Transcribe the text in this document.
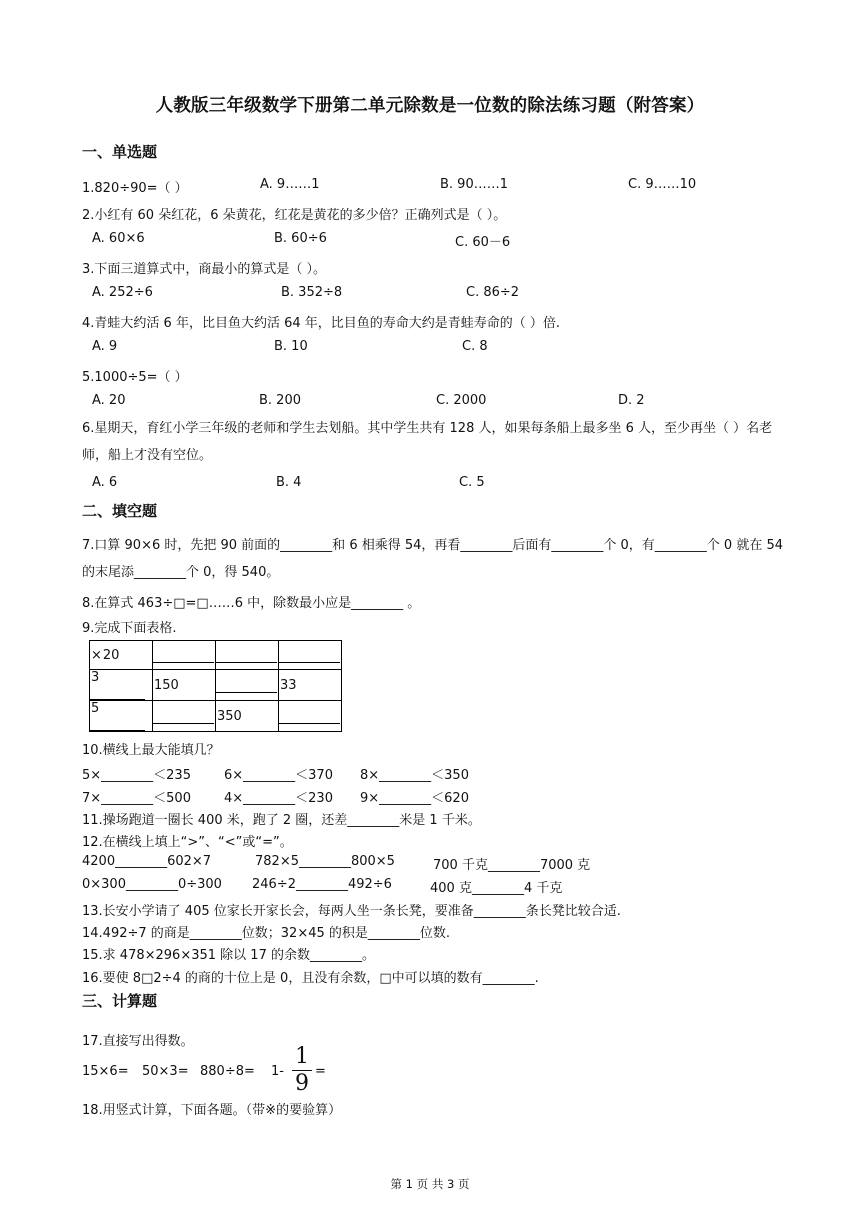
人教版三年级数学下册第二单元除数是一位数的除法练习题（附答案）
一、单选题
1.820÷90=（ ）	A. 9……1	B. 90……1	C. 9……10
2.小红有 60 朵红花，6 朵黄花，红花是黄花的多少倍？正确列式是（ ）。
A. 60×6	B. 60÷6	C. 60－6
3.下面三道算式中，商最小的算式是（ ）。
A. 252÷6	B. 352÷8	C. 86÷2
4.青蛙大约活 6 年，比目鱼大约活 64 年，比目鱼的寿命大约是青蛙寿命的（ ）倍.
A. 9	B. 10	C. 8
5.1000÷5=（ ）
A. 20	B. 200	C. 2000	D. 2
6.星期天，育红小学三年级的老师和学生去划船。其中学生共有 128 人，如果每条船上最多坐 6 人，至少再坐（ ）名老师，船上才没有空位。
A. 6	B. 4	C. 5
二、填空题
7.口算 90×6 时，先把 90 前面的________和 6 相乘得 54，再看________后面有________个 0，有________个 0 就在 54 的末尾添________个 0，得 540。
8.在算式 463÷□=□……6 中，除数最小应是________ 。
9.完成下面表格.
×20			
3	150		33
5		350	
10.横线上最大能填几？
5×________＜235	6×________＜370 8×________＜350
7×________＜500	4×________＜230 9×________＜620
11.操场跑道一圈长 400 米，跑了 2 圈，还差________米是 1 千米。
12.在横线上填上“>”、“<”或“=”。
4200________602×7	782×5________800×5	700 千克________7000 克
0×300________0÷300 246÷2________492÷6	400 克________4 千克
13.长安小学请了 405 位家长开家长会，每两人坐一条长凳，要准备________条长凳比较合适.
14.492÷7 的商是________位数；32×45 的积是________位数.
15.求 478×296×351 除以 17 的余数________。
16.要使 8□2÷4 的商的十位上是 0，且没有余数，□中可以填的数有________.
三、计算题
17.直接写出得数。
15×6= 50×3= 880÷8= 1-
1
9 =
18.用竖式计算，下面各题。（带※的要验算）
第 1 页 共 3 页
